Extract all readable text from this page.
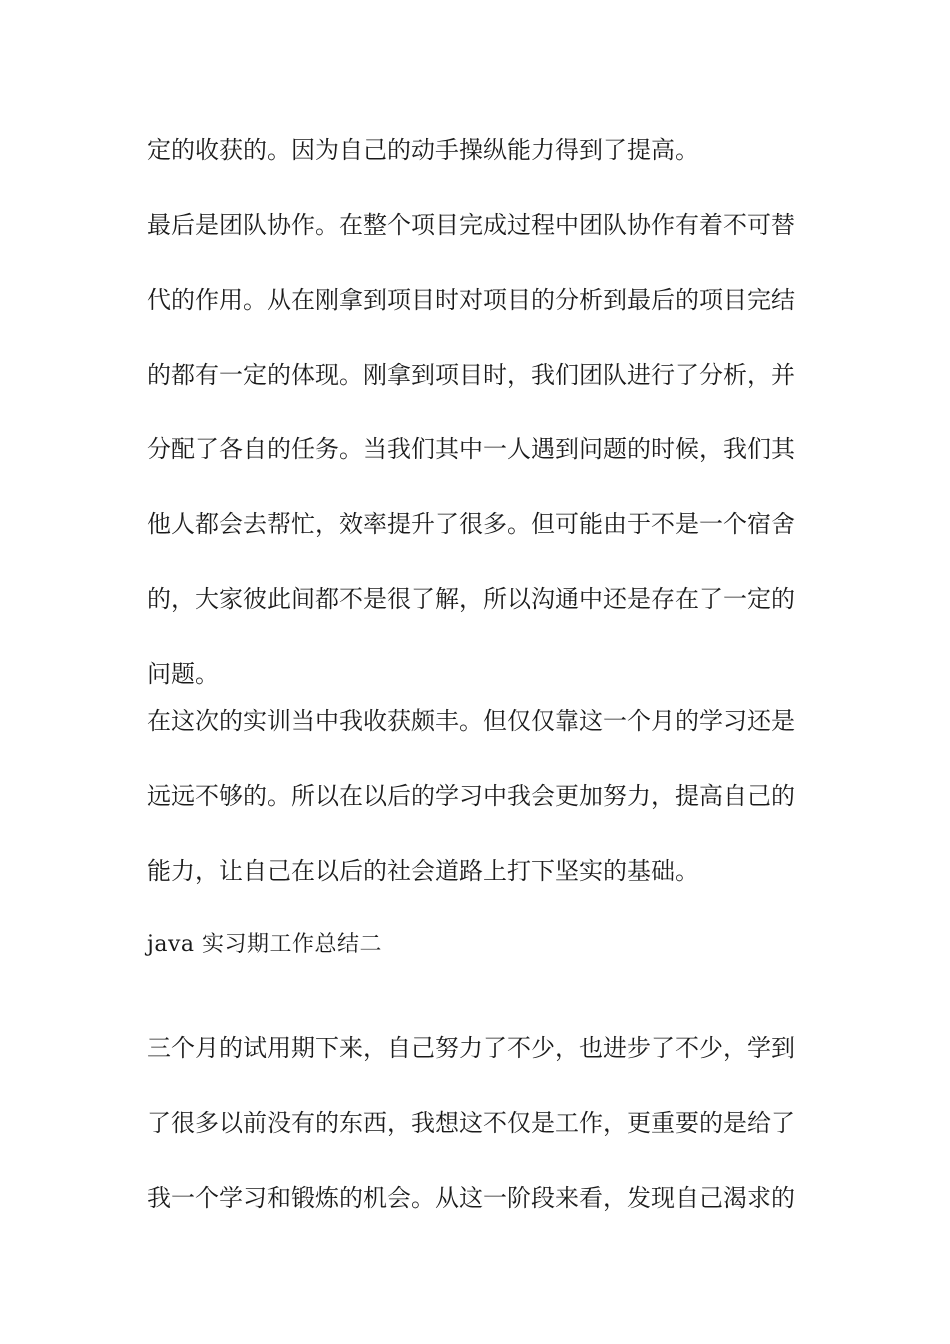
定的收获的。因为自己的动手操纵能力得到了提高。
最后是团队协作。在整个项目完成过程中团队协作有着不可替
代的作用。从在刚拿到项目时对项目的分析到最后的项目完结
的都有一定的体现。刚拿到项目时，我们团队进行了分析，并
分配了各自的任务。当我们其中一人遇到问题的时候，我们其
他人都会去帮忙，效率提升了很多。但可能由于不是一个宿舍
的，大家彼此间都不是很了解，所以沟通中还是存在了一定的
问题。
在这次的实训当中我收获颇丰。但仅仅靠这一个月的学习还是
远远不够的。所以在以后的学习中我会更加努力，提高自己的
能力，让自己在以后的社会道路上打下坚实的基础。
java 实习期工作总结二
三个月的试用期下来，自己努力了不少，也进步了不少，学到
了很多以前没有的东西，我想这不仅是工作，更重要的是给了
我一个学习和锻炼的机会。从这一阶段来看，发现自己渴求的
